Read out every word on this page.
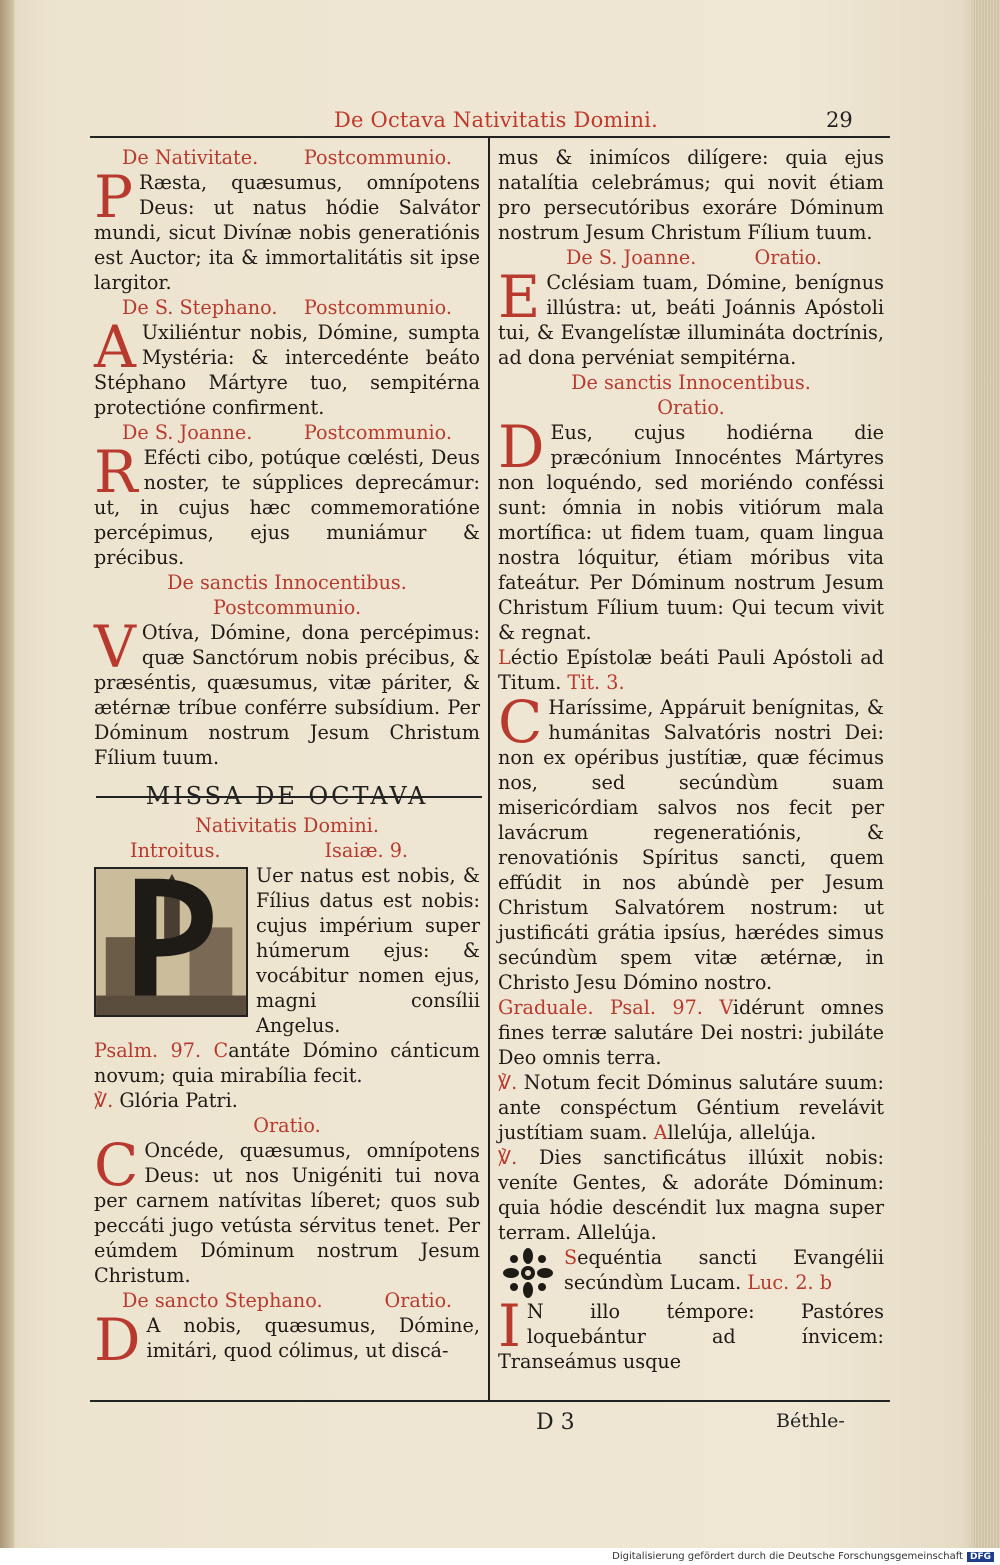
De Octava Nativitatis Domini.	29
De Nativitate. Postcommunio.

P Ræsta, quæsumus, omnípotens Deus: ut natus hódie Salvátor mundi, sicut Divínæ nobis generatiónis est Auctor; ita & immortalitátis sit ipse largitor.

De S. Stephano. Postcommunio.

A Uxiliéntur nobis, Dómine, sumpta Mystéria: & intercedénte beáto Stéphano Mártyre tuo, sempitérna protectióne confirment.

De S. Joanne.	Postcommunio.

R Efécti cibo, potúque cœlésti, Deus noster, te súpplices deprecámur: ut, in cujus hæc commemoratióne percépimus, ejus muniámur & précibus.

De sanctis Innocentibus.
Postcommunio.

V Otíva, Dómine, dona percépimus: quæ Sanctórum nobis précibus, & præséntis, quæsumus, vitæ páriter, & ætérnæ tríbue conférre subsídium. Per Dóminum nostrum Jesum Christum Fílium tuum.

MISSA DE OCTAVA
Nativitatis Domini.
Introitus.	Isaiæ. 9.

Uer natus est nobis, & Fílius datus est nobis: cujus impérium super húmerum ejus: & vocábitur nomen ejus, magni consílii Angelus.

Psalm. 97. Cantáte Dómino cánticum novum; quia mirabília fecit.

℣. Glória Patri.

Oratio.

C Oncéde, quæsumus, omnípotens Deus: ut nos Unigéniti tui nova per carnem natívitas líberet; quos sub peccáti jugo vetústa sérvitus tenet. Per eúmdem Dóminum nostrum Jesum Christum.

De sancto Stephano.	Oratio.

D A nobis, quæsumus, Dómine, imitári, quod cólimus, ut discá-

mus & inimícos dilígere: quia ejus natalítia celebrámus; qui novit étiam pro persecutóribus exoráre Dóminum nostrum Jesum Christum Fílium tuum.

De S. Joanne.	Oratio.

E Cclésiam tuam, Dómine, benígnus illústra: ut, beáti Joánnis Apóstoli tui, & Evangelístæ illumináta doctrínis, ad dona pervéniat sempitérna.

De sanctis Innocentibus.
Oratio.

D Eus, cujus hodiérna die præcónium Innocéntes Mártyres non loquéndo, sed moriéndo conféssi sunt: ómnia in nobis vitiórum mala mortífica: ut fidem tuam, quam lingua nostra lóquitur, étiam móribus vita fateátur. Per Dóminum nostrum Jesum Christum Fílium tuum: Qui tecum vivit & regnat.

Léctio Epístolæ beáti Pauli Apóstoli ad Titum. Tit. 3.

C Haríssime, Appáruit benígnitas, & humánitas Salvatóris nostri Dei: non ex opéribus justítiæ, quæ fécimus nos, sed secúndùm suam misericórdiam salvos nos fecit per lavácrum regeneratiónis, & renovatiónis Spíritus sancti, quem effúdit in nos abúndè per Jesum Christum Salvatórem nostrum: ut justificáti grátia ipsíus, hærédes simus secúndùm spem vitæ ætérnæ, in Christo Jesu Dómino nostro.

Graduale. Psal. 97. Vidérunt omnes fines terræ salutáre Dei nostri: jubiláte Deo omnis terra.

℣. Notum fecit Dóminus salutáre suum: ante conspéctum Géntium revelávit justítiam suam. Allelúja, allelúja.

℣. Dies sanctificátus illúxit nobis: veníte Gentes, & adoráte Dóminum: quia hódie descéndit lux magna super terram. Allelúja.

Sequéntia sancti Evangélii secúndùm Lucam. Luc. 2. b

I N illo témpore: Pastóres loquebántur ad ínvicem: Transeámus usque

D 3	Béthle-
Digitalisierung gefördert durch die Deutsche Forschungsgemeinschaft DFG
